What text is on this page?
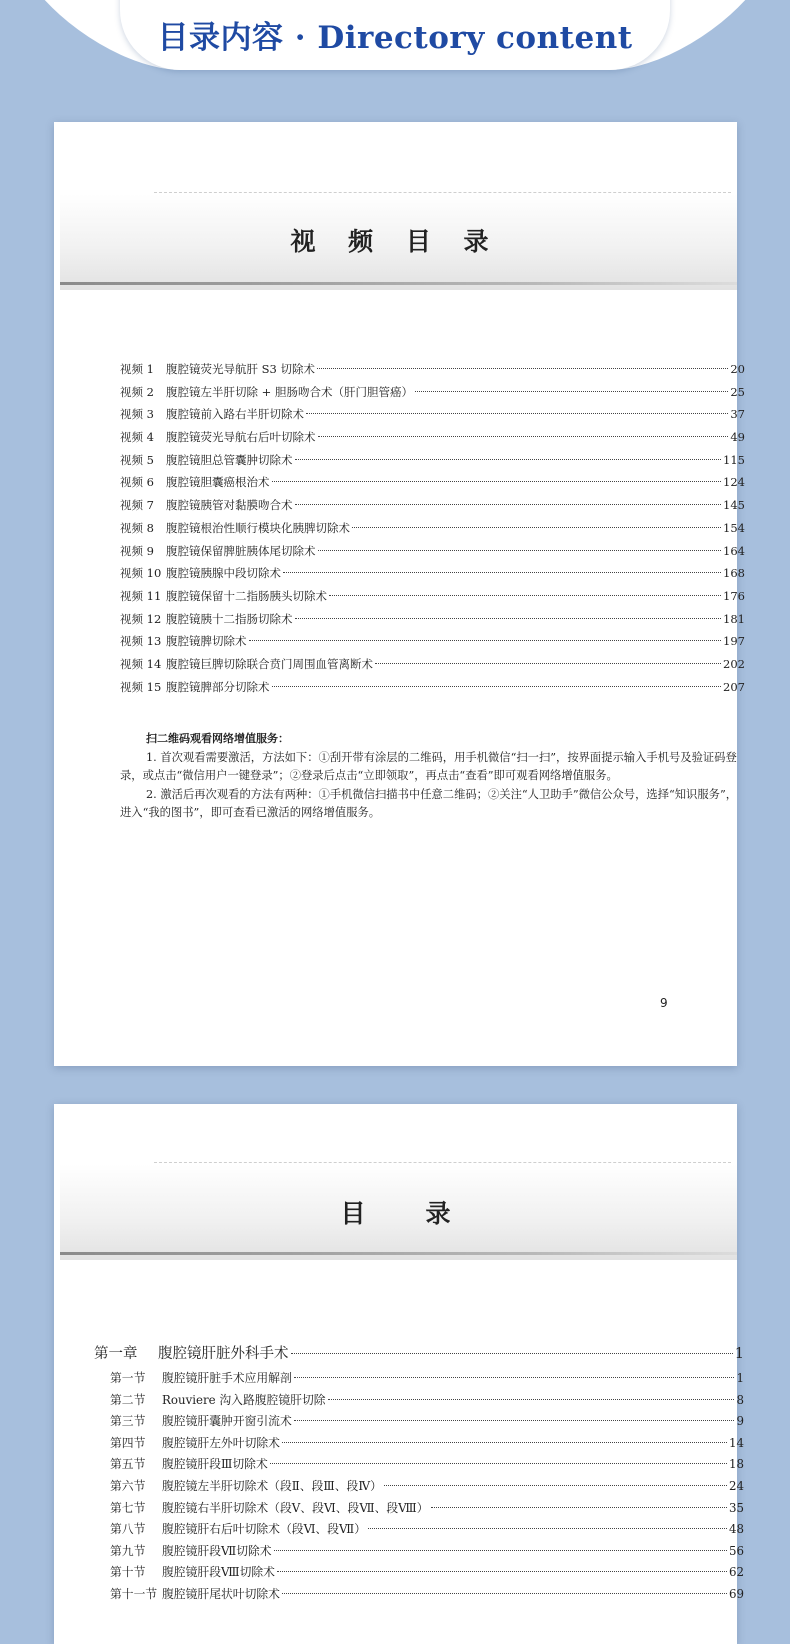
目录内容 · Directory content
视 频 目 录
视频 1 腹腔镜荧光导航肝 S3 切除术	20
视频 2 腹腔镜左半肝切除 + 胆肠吻合术（肝门胆管癌）	25
视频 3 腹腔镜前入路右半肝切除术	37
视频 4 腹腔镜荧光导航右后叶切除术	49
视频 5 腹腔镜胆总管囊肿切除术	115
视频 6 腹腔镜胆囊癌根治术	124
视频 7 腹腔镜胰管对黏膜吻合术	145
视频 8 腹腔镜根治性顺行模块化胰脾切除术	154
视频 9 腹腔镜保留脾脏胰体尾切除术	164
视频 10 腹腔镜胰腺中段切除术	168
视频 11 腹腔镜保留十二指肠胰头切除术	176
视频 12 腹腔镜胰十二指肠切除术	181
视频 13 腹腔镜脾切除术	197
视频 14 腹腔镜巨脾切除联合贲门周围血管离断术	202
视频 15 腹腔镜脾部分切除术	207
扫二维码观看网络增值服务：

1. 首次观看需要激活，方法如下：①刮开带有涂层的二维码，用手机微信“扫一扫”，按界面提示输入手机号及验证码登录，或点击“微信用户一键登录”；②登录后点击“立即领取”，再点击“查看”即可观看网络增值服务。

2. 激活后再次观看的方法有两种：①手机微信扫描书中任意二维码；②关注“人卫助手”微信公众号，选择“知识服务”，进入“我的图书”，即可查看已激活的网络增值服务。

9
目录
第一章 腹腔镜肝脏外科手术	1
第一节 腹腔镜肝脏手术应用解剖	1
第二节 Rouviere 沟入路腹腔镜肝切除	8
第三节 腹腔镜肝囊肿开窗引流术	9
第四节 腹腔镜肝左外叶切除术	14
第五节 腹腔镜肝段Ⅲ切除术	18
第六节 腹腔镜左半肝切除术（段Ⅱ、段Ⅲ、段Ⅳ）	24
第七节 腹腔镜右半肝切除术（段Ⅴ、段Ⅵ、段Ⅶ、段Ⅷ）	35
第八节 腹腔镜肝右后叶切除术（段Ⅵ、段Ⅶ）	48
第九节 腹腔镜肝段Ⅶ切除术	56
第十节 腹腔镜肝段Ⅷ切除术	62
第十一节 腹腔镜肝尾状叶切除术	69
